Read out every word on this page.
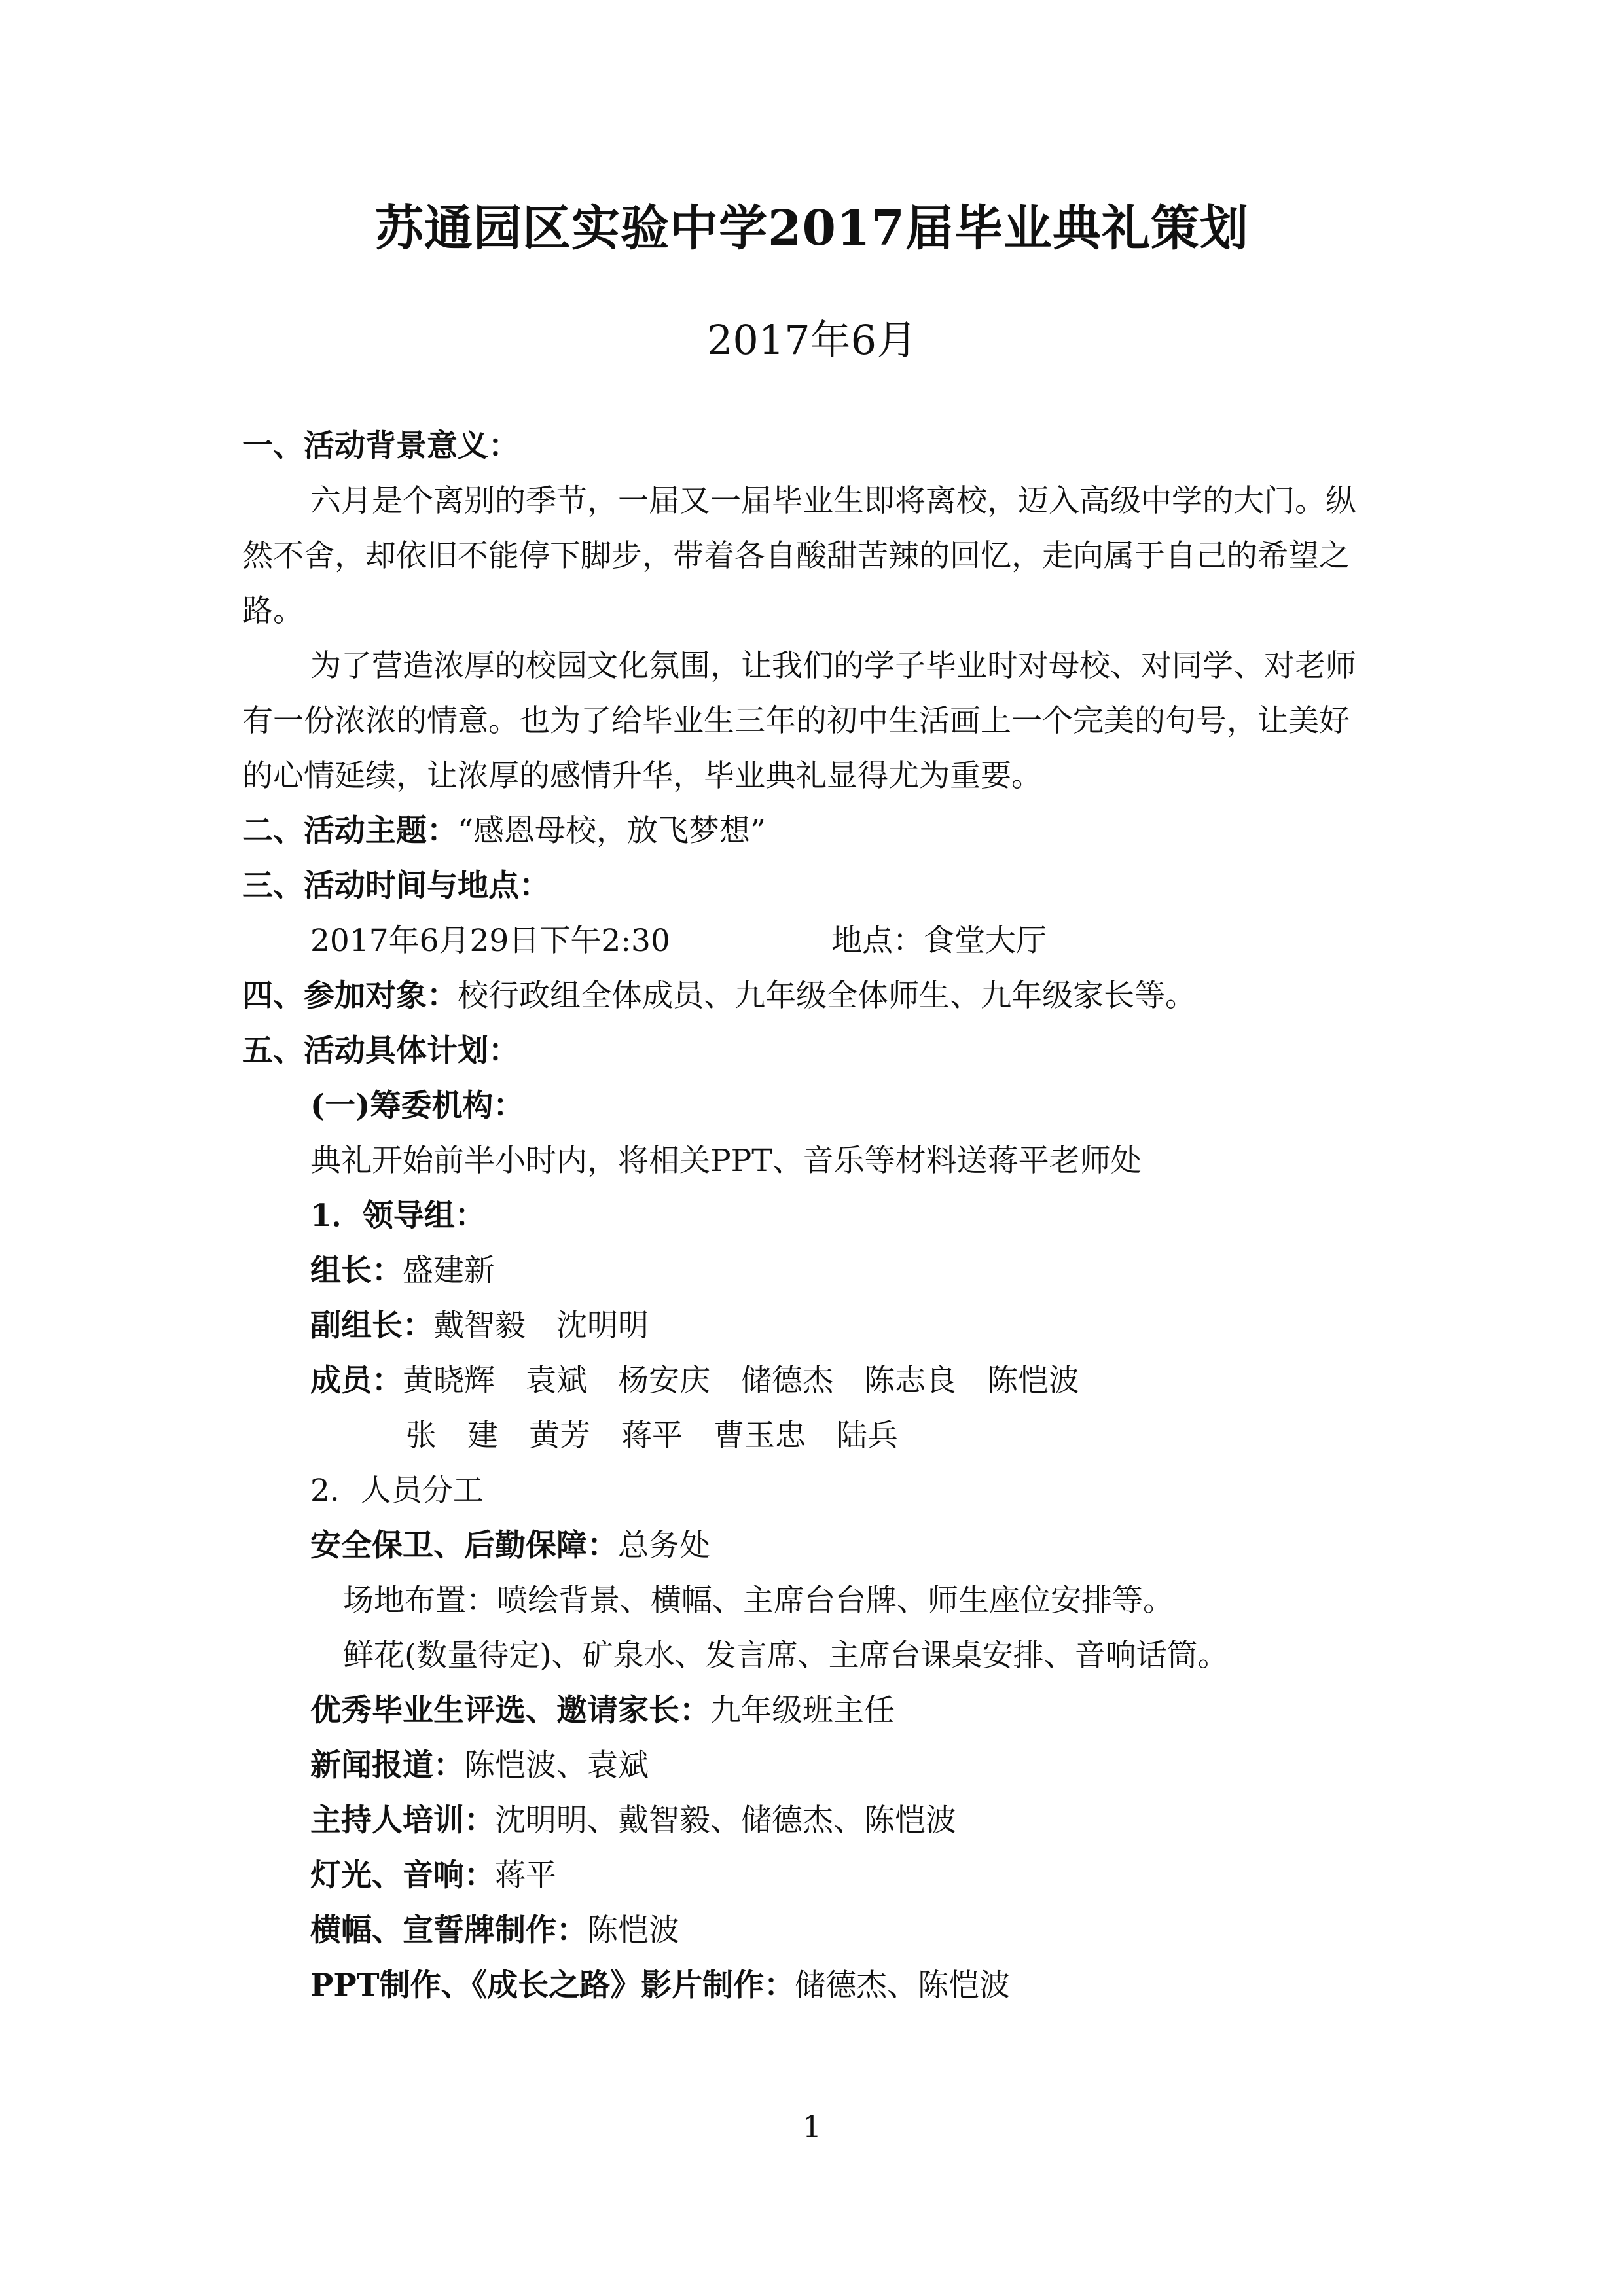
苏通园区实验中学2017届毕业典礼策划
2017年6月
一、活动背景意义：
六月是个离别的季节，一届又一届毕业生即将离校，迈入高级中学的大门。纵
然不舍，却依旧不能停下脚步，带着各自酸甜苦辣的回忆，走向属于自己的希望之
路。
为了营造浓厚的校园文化氛围，让我们的学子毕业时对母校、对同学、对老师
有一份浓浓的情意。也为了给毕业生三年的初中生活画上一个完美的句号，让美好
的心情延续，让浓厚的感情升华，毕业典礼显得尤为重要。
二、活动主题：“感恩母校，放飞梦想”
三、活动时间与地点：
2017年6月29日下午2:30	地点：食堂大厅
四、参加对象：校行政组全体成员、九年级全体师生、九年级家长等。
五、活动具体计划：
(一)筹委机构：
典礼开始前半小时内，将相关PPT、音乐等材料送蒋平老师处
1．领导组：
组长：盛建新
副组长：戴智毅　沈明明
成员：黄晓辉　袁斌　杨安庆　储德杰　陈志良　陈恺波
张　建　黄芳　蒋平　曹玉忠　陆兵
2．人员分工
安全保卫、后勤保障：总务处
场地布置：喷绘背景、横幅、主席台台牌、师生座位安排等。
鲜花(数量待定)、矿泉水、发言席、主席台课桌安排、音响话筒。
优秀毕业生评选、邀请家长：九年级班主任
新闻报道：陈恺波、袁斌
主持人培训：沈明明、戴智毅、储德杰、陈恺波
灯光、音响：蒋平
横幅、宣誓牌制作：陈恺波
PPT制作、《成长之路》影片制作：储德杰、陈恺波
1
